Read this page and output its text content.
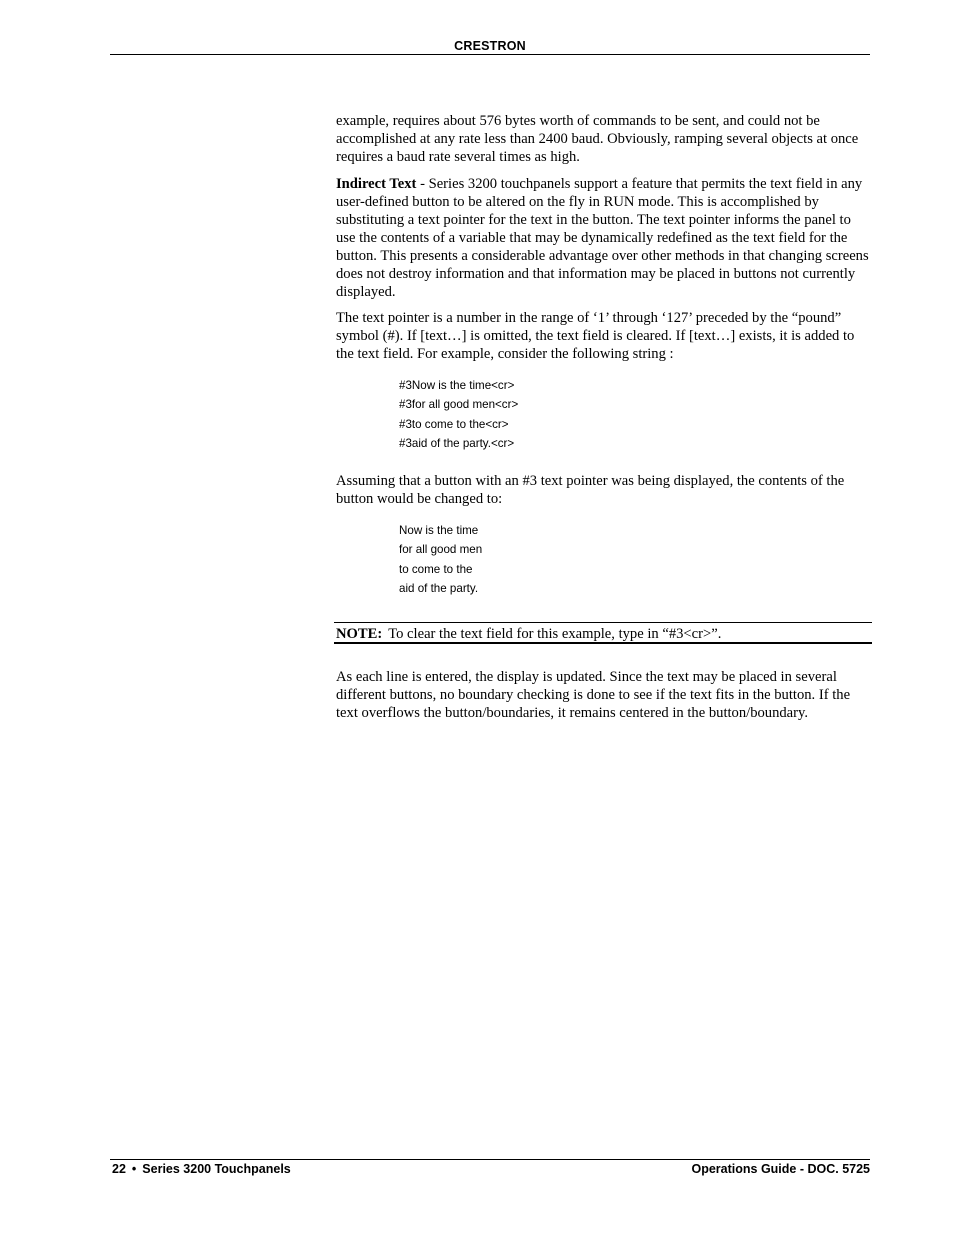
CRESTRON

example, requires about 576 bytes worth of commands to be sent, and could not be accomplished at any rate less than 2400 baud. Obviously, ramping several objects at once requires a baud rate several times as high.

Indirect Text - Series 3200 touchpanels support a feature that permits the text field in any user-defined button to be altered on the fly in RUN mode. This is accomplished by substituting a text pointer for the text in the button. The text pointer informs the panel to use the contents of a variable that may be dynamically redefined as the text field for the button. This presents a considerable advantage over other methods in that changing screens does not destroy information and that information may be placed in buttons not currently displayed.

The text pointer is a number in the range of ‘1’ through ‘127’ preceded by the “pound” symbol (#). If [text…] is omitted, the text field is cleared. If [text…] exists, it is added to the text field. For example, consider the following string :

#3Now is the time<cr>
#3for all good men<cr>
#3to come to the<cr>
#3aid of the party.<cr>

Assuming that a button with an #3 text pointer was being displayed, the contents of the button would be changed to:

Now is the time
for all good men
to come to the
aid of the party.
NOTE: To clear the text field for this example, type in “#3<cr>”.

As each line is entered, the display is updated. Since the text may be placed in several different buttons, no boundary checking is done to see if the text fits in the button. If the text overflows the button/boundaries, it remains centered in the button/boundary.

22 • Series 3200 Touchpanels	Operations Guide - DOC. 5725
